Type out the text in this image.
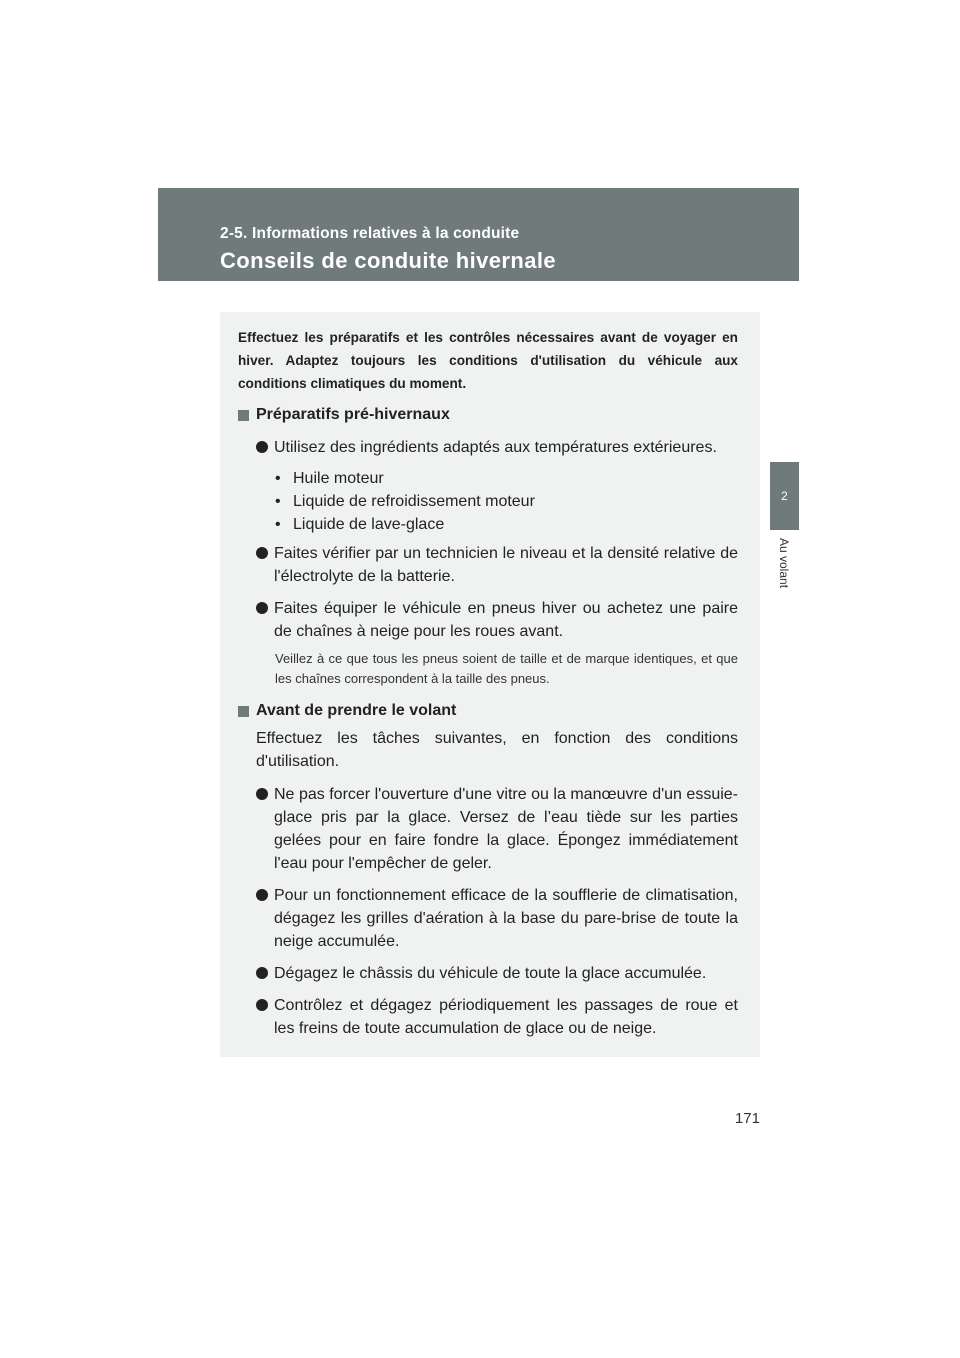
2-5. Informations relatives à la conduite
Conseils de conduite hivernale
2
Au volant

Effectuez les préparatifs et les contrôles nécessaires avant de voyager en hiver. Adaptez toujours les conditions d'utilisation du véhicule aux conditions climatiques du moment.

Préparatifs pré-hivernaux
Utilisez des ingrédients adaptés aux températures extérieures.
• Huile moteur
• Liquide de refroidissement moteur
• Liquide de lave-glace
Faites vérifier par un technicien le niveau et la densité relative de l'électrolyte de la batterie.
Faites équiper le véhicule en pneus hiver ou achetez une paire de chaînes à neige pour les roues avant.

Veillez à ce que tous les pneus soient de taille et de marque identiques, et que les chaînes correspondent à la taille des pneus.

Avant de prendre le volant

Effectuez les tâches suivantes, en fonction des conditions d'utilisation.

Ne pas forcer l'ouverture d'une vitre ou la manœuvre d'un essuie-glace pris par la glace. Versez de l’eau tiède sur les parties gelées pour en faire fondre la glace. Épongez immédiatement l'eau pour l'empêcher de geler.
Pour un fonctionnement efficace de la soufflerie de climatisation, dégagez les grilles d'aération à la base du pare-brise de toute la neige accumulée.
Dégagez le châssis du véhicule de toute la glace accumulée.
Contrôlez et dégagez périodiquement les passages de roue et les freins de toute accumulation de glace ou de neige.
171
